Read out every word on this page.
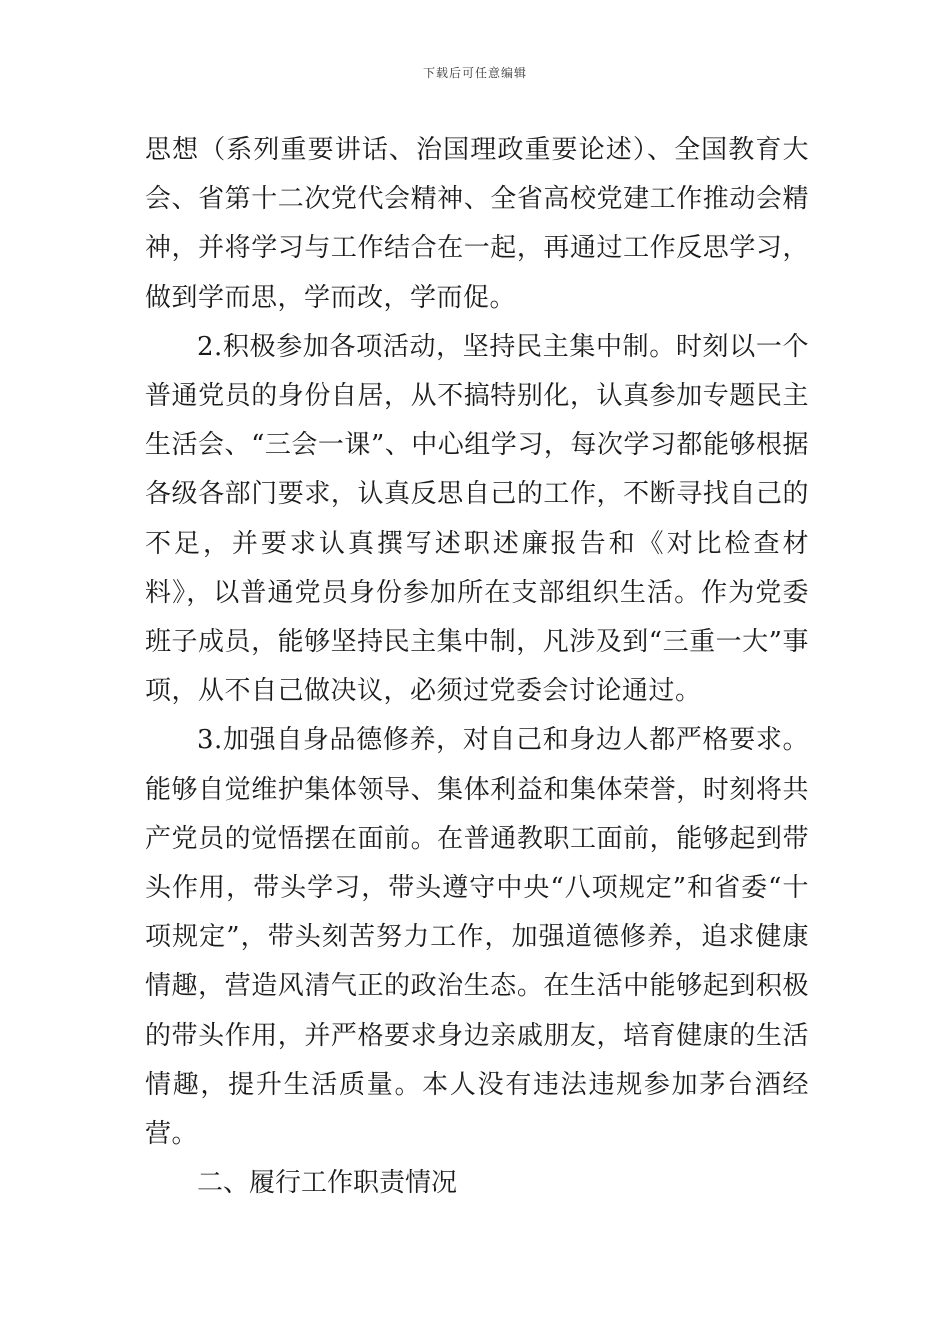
下载后可任意编辑

思想（系列重要讲话、治国理政重要论述）、全国教育大会、省第十二次党代会精神、全省高校党建工作推动会精神，并将学习与工作结合在一起，再通过工作反思学习，做到学而思，学而改，学而促。

2.积极参加各项活动，坚持民主集中制。时刻以一个普通党员的身份自居，从不搞特别化，认真参加专题民主生活会、“三会一课”、中心组学习，每次学习都能够根据各级各部门要求，认真反思自己的工作，不断寻找自己的不足，并要求认真撰写述职述廉报告和《对比检查材料》，以普通党员身份参加所在支部组织生活。作为党委班子成员，能够坚持民主集中制，凡涉及到“三重一大”事项，从不自己做决议，必须过党委会讨论通过。

3.加强自身品德修养，对自己和身边人都严格要求。能够自觉维护集体领导、集体利益和集体荣誉，时刻将共产党员的觉悟摆在面前。在普通教职工面前，能够起到带头作用，带头学习，带头遵守中央“八项规定”和省委“十项规定”，带头刻苦努力工作，加强道德修养，追求健康情趣，营造风清气正的政治生态。在生活中能够起到积极的带头作用，并严格要求身边亲戚朋友，培育健康的生活情趣，提升生活质量。本人没有违法违规参加茅台酒经营。

二、履行工作职责情况
